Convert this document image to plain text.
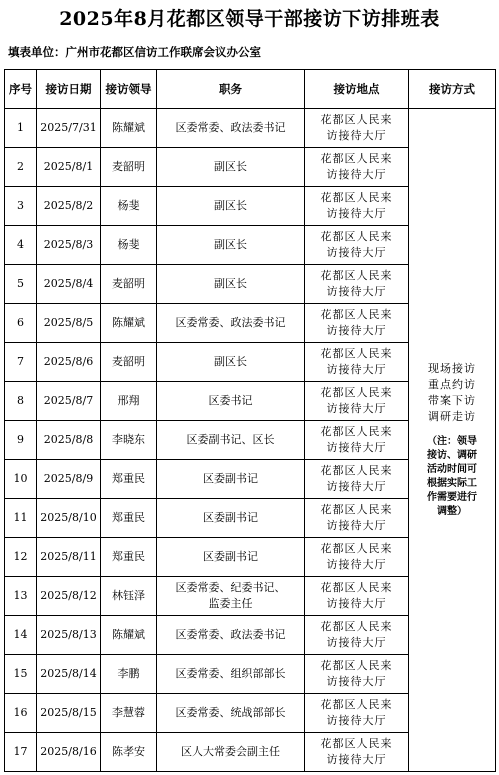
2025年8月花都区领导干部接访下访排班表
填表单位：广州市花都区信访工作联席会议办公室
序号	接访日期	接访领导	职务	接访地点	接访方式
1	2025/7/31	陈耀斌	区委常委、政法委书记	花都区人民来访接待大厅	现场接访重点约访带案下访调研走访
（注：领导接访、调研活动时间可根据实际工作需要进行调整）

2	2025/8/1	麦韶明	副区长	花都区人民来访接待大厅	

3	2025/8/2	杨斐	副区长	花都区人民来访接待大厅	

4	2025/8/3	杨斐	副区长	花都区人民来访接待大厅	

5	2025/8/4	麦韶明	副区长	花都区人民来访接待大厅	

6	2025/8/5	陈耀斌	区委常委、政法委书记	花都区人民来访接待大厅	

7	2025/8/6	麦韶明	副区长	花都区人民来访接待大厅	

8	2025/8/7	邢翔	区委书记	花都区人民来访接待大厅	

9	2025/8/8	李晓东	区委副书记、区长	花都区人民来访接待大厅	

10	2025/8/9	郑重民	区委副书记	花都区人民来访接待大厅	

11	2025/8/10	郑重民	区委副书记	花都区人民来访接待大厅	

12	2025/8/11	郑重民	区委副书记	花都区人民来访接待大厅	

13	2025/8/12	林钰泽	区委常委、纪委书记、监委主任	花都区人民来访接待大厅	

14	2025/8/13	陈耀斌	区委常委、政法委书记	花都区人民来访接待大厅	

15	2025/8/14	李鹏	区委常委、组织部部长	花都区人民来访接待大厅	

16	2025/8/15	李慧蓉	区委常委、统战部部长	花都区人民来访接待大厅	

17	2025/8/16	陈孝安	区人大常委会副主任	花都区人民来访接待大厅	
